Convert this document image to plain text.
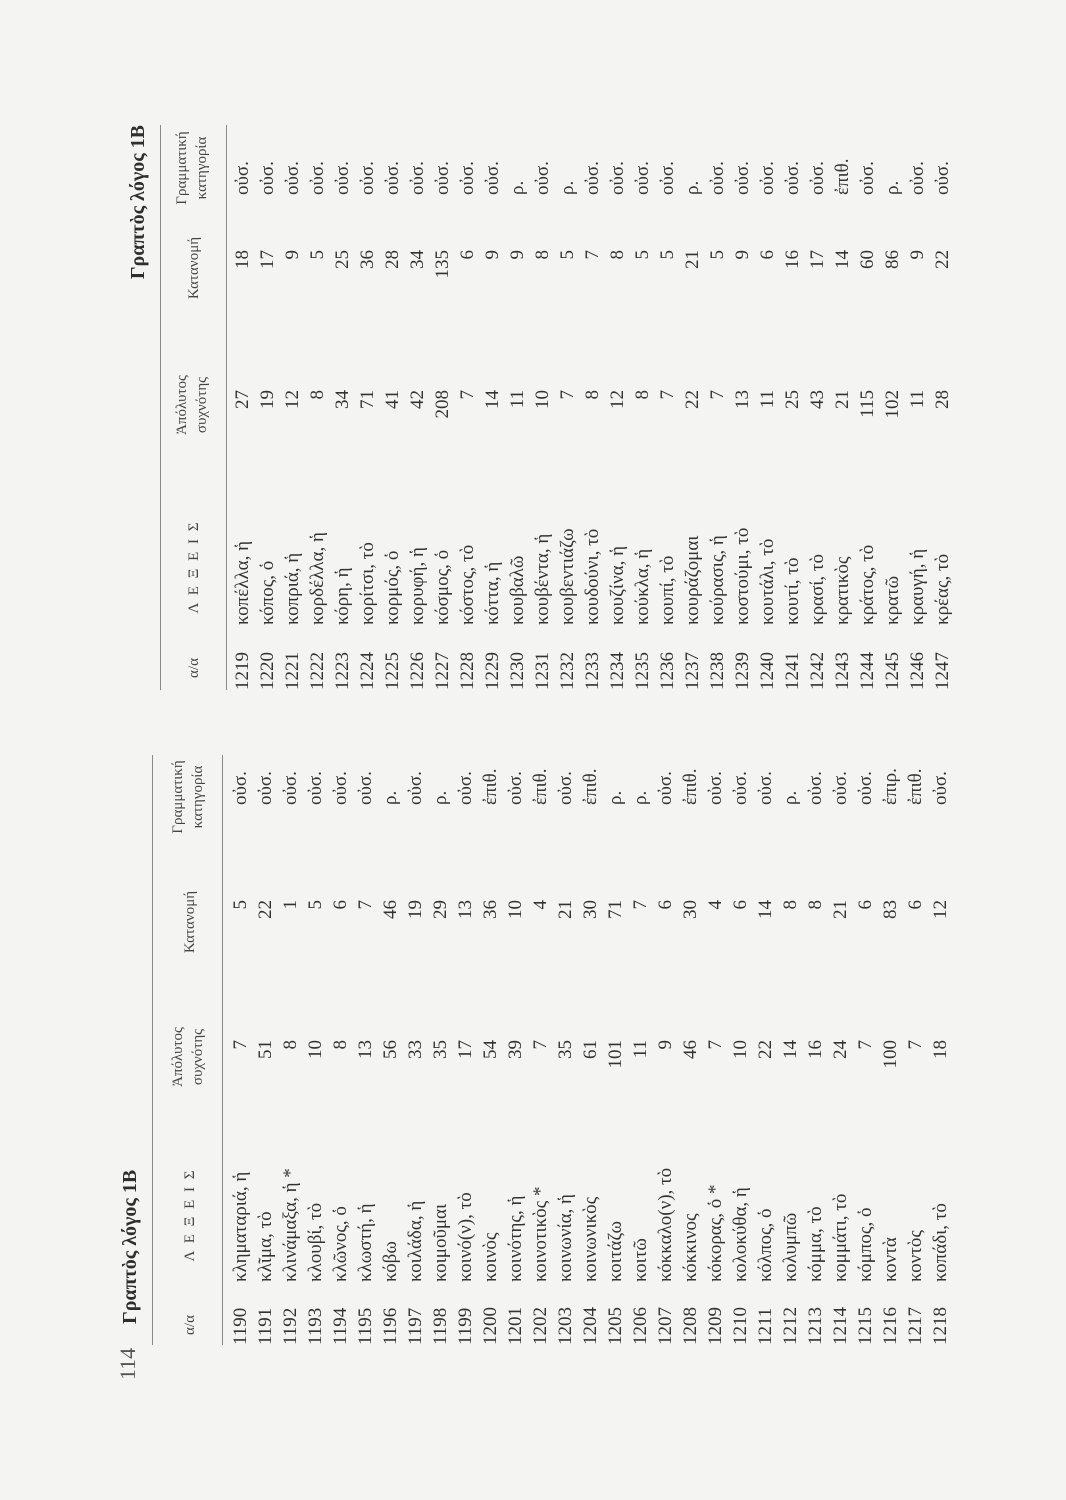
114
Γραπτὸς λόγος 1Β
Γραπτὸς λόγος 1Β
α/α
Λ Ε Ξ Ε Ι Σ
Ἀπόλυτος συχνότης
Κατανομή
Γραμματική κατηγορία
1190
κληματαριά, ἡ
7
5
οὐσ.
1191
κλῖμα, τὸ
51
22
οὐσ.
1192
κλινάμαξα, ἡ *
8
1
οὐσ.
1193
κλουβί, τὸ
10
5
οὐσ.
1194
κλῶνος, ὁ
8
6
οὐσ.
1195
κλωστή, ἡ
13
7
οὐσ.
1196
κόβω
56
46
ρ.
1197
κοιλάδα, ἡ
33
19
οὐσ.
1198
κοιμοῦμαι
35
29
ρ.
1199
κοινό(ν), τὸ
17
13
οὐσ.
1200
κοινὸς
54
36
ἐπιθ.
1201
κοινότης, ἡ
39
10
οὐσ.
1202
κοινοτικὸς *
7
4
ἐπιθ.
1203
κοινωνία, ἡ
35
21
οὐσ.
1204
κοινωνικὸς
61
30
ἐπιθ.
1205
κοιτάζω
101
71
ρ.
1206
κοιτῶ
11
7
ρ.
1207
κόκκαλο(ν), τὸ
9
6
οὐσ.
1208
κόκκινος
46
30
ἐπιθ.
1209
κόκορας, ὁ *
7
4
οὐσ.
1210
κολοκύθα, ἡ
10
6
οὐσ.
1211
κόλπος, ὁ
22
14
οὐσ.
1212
κολυμπῶ
14
8
ρ.
1213
κόμμα, τὸ
16
8
οὐσ.
1214
κομμάτι, τὸ
24
21
οὐσ.
1215
κόμπος, ὁ
7
6
οὐσ.
1216
κοντὰ
100
83
ἐπιρ.
1217
κοντὸς
7
6
ἐπιθ.
1218
κοπάδι, τὸ
18
12
οὐσ.
α/α
Λ Ε Ξ Ε Ι Σ
Ἀπόλυτος συχνότης
Κατανομή
Γραμματική κατηγορία
1219
κοπέλλα, ἡ
27
18
οὐσ.
1220
κόπος, ὁ
19
17
οὐσ.
1221
κοπριά, ἡ
12
9
οὐσ.
1222
κορδέλλα, ἡ
8
5
οὐσ.
1223
κόρη, ἡ
34
25
οὐσ.
1224
κορίτσι, τὸ
71
36
οὐσ.
1225
κορμός, ὁ
41
28
οὐσ.
1226
κορυφή, ἡ
42
34
οὐσ.
1227
κόσμος, ὁ
208
135
οὐσ.
1228
κόστος, τὸ
7
6
οὐσ.
1229
κόττα, ἡ
14
9
οὐσ.
1230
κουβαλῶ
11
9
ρ.
1231
κουβέντα, ἡ
10
8
οὐσ.
1232
κουβεντιάζω
7
5
ρ.
1233
κουδούνι, τὸ
8
7
οὐσ.
1234
κουζίνα, ἡ
12
8
οὐσ.
1235
κούκλα, ἡ
8
5
οὐσ.
1236
κουπί, τὸ
7
5
οὐσ.
1237
κουράζομαι
22
21
ρ.
1238
κούρασις, ἡ
7
5
οὐσ.
1239
κοστούμι, τὸ
13
9
οὐσ.
1240
κουτάλι, τὸ
11
6
οὐσ.
1241
κουτί, τὸ
25
16
οὐσ.
1242
κρασί, τὸ
43
17
οὐσ.
1243
κρατικὸς
21
14
ἐπιθ.
1244
κράτος, τὸ
115
60
οὐσ.
1245
κρατῶ
102
86
ρ.
1246
κραυγή, ἡ
11
9
οὐσ.
1247
κρέας, τὸ
28
22
οὐσ.
